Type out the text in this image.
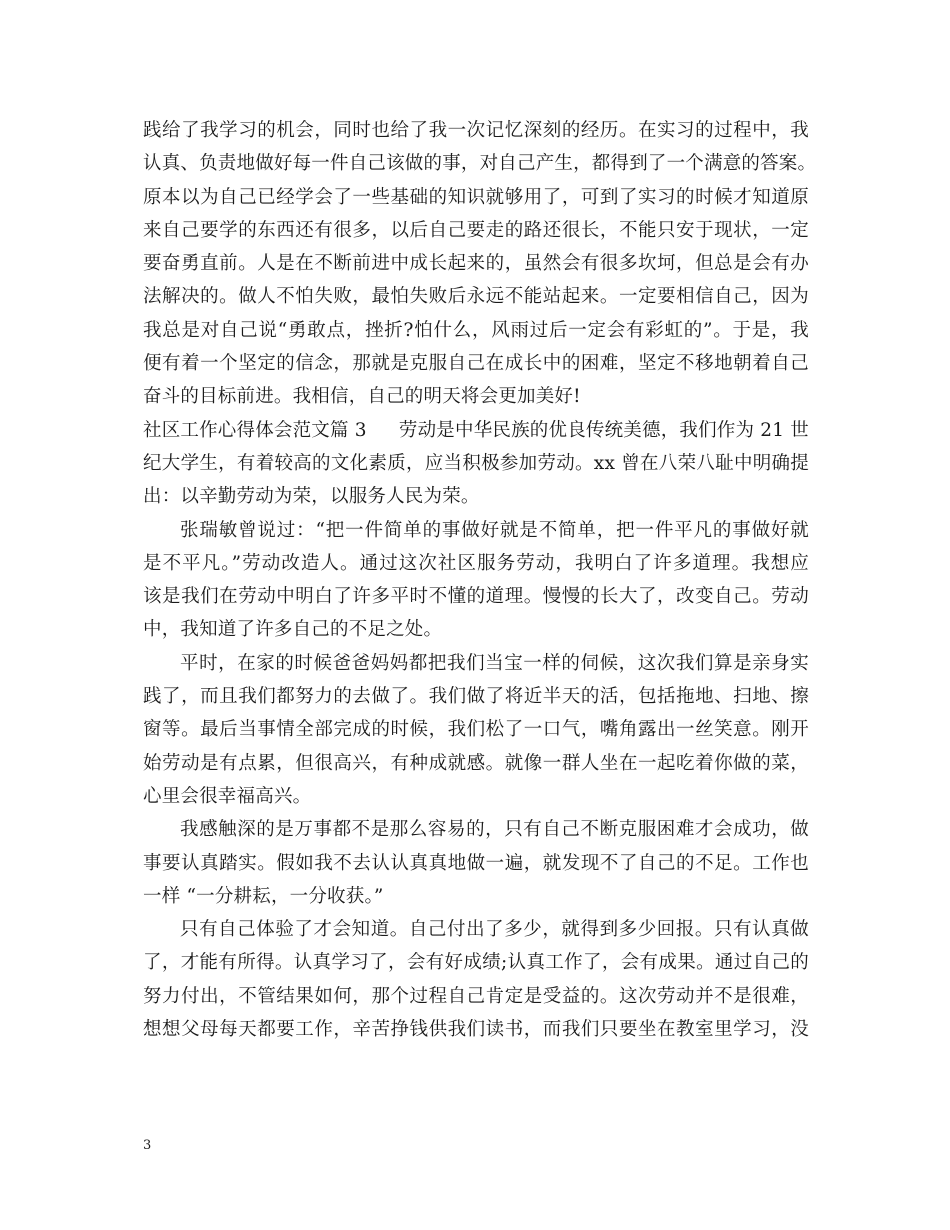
践给了我学习的机会，同时也给了我一次记忆深刻的经历。在实习的过程中，我
认真、负责地做好每一件自己该做的事，对自己产生，都得到了一个满意的答案。
原本以为自己已经学会了一些基础的知识就够用了，可到了实习的时候才知道原
来自己要学的东西还有很多，以后自己要走的路还很长，不能只安于现状，一定
要奋勇直前。人是在不断前进中成长起来的，虽然会有很多坎坷，但总是会有办
法解决的。做人不怕失败，最怕失败后永远不能站起来。一定要相信自己，因为
我总是对自己说“勇敢点，挫折?怕什么，风雨过后一定会有彩虹的”。于是，我
便有着一个坚定的信念，那就是克服自己在成长中的困难，坚定不移地朝着自己
奋斗的目标前进。我相信，自己的明天将会更加美好!
社区工作心得体会范文篇 3	劳动是中华民族的优良传统美德，我们作为 21 世
纪大学生，有着较高的文化素质，应当积极参加劳动。xx 曾在八荣八耻中明确提
出：以辛勤劳动为荣，以服务人民为荣。
张瑞敏曾说过：“把一件简单的事做好就是不简单，把一件平凡的事做好就
是不平凡。”劳动改造人。通过这次社区服务劳动，我明白了许多道理。我想应
该是我们在劳动中明白了许多平时不懂的道理。慢慢的长大了，改变自己。劳动
中，我知道了许多自己的不足之处。
平时，在家的时候爸爸妈妈都把我们当宝一样的伺候，这次我们算是亲身实
践了，而且我们都努力的去做了。我们做了将近半天的活，包括拖地、扫地、擦
窗等。最后当事情全部完成的时候，我们松了一口气，嘴角露出一丝笑意。刚开
始劳动是有点累，但很高兴，有种成就感。就像一群人坐在一起吃着你做的菜，
心里会很幸福高兴。
我感触深的是万事都不是那么容易的，只有自己不断克服困难才会成功，做
事要认真踏实。假如我不去认认真真地做一遍，就发现不了自己的不足。工作也
一样 “一分耕耘，一分收获。”
只有自己体验了才会知道。自己付出了多少，就得到多少回报。只有认真做
了，才能有所得。认真学习了，会有好成绩;认真工作了，会有成果。通过自己的
努力付出，不管结果如何，那个过程自己肯定是受益的。这次劳动并不是很难，
想想父母每天都要工作，辛苦挣钱供我们读书，而我们只要坐在教室里学习，没
3
